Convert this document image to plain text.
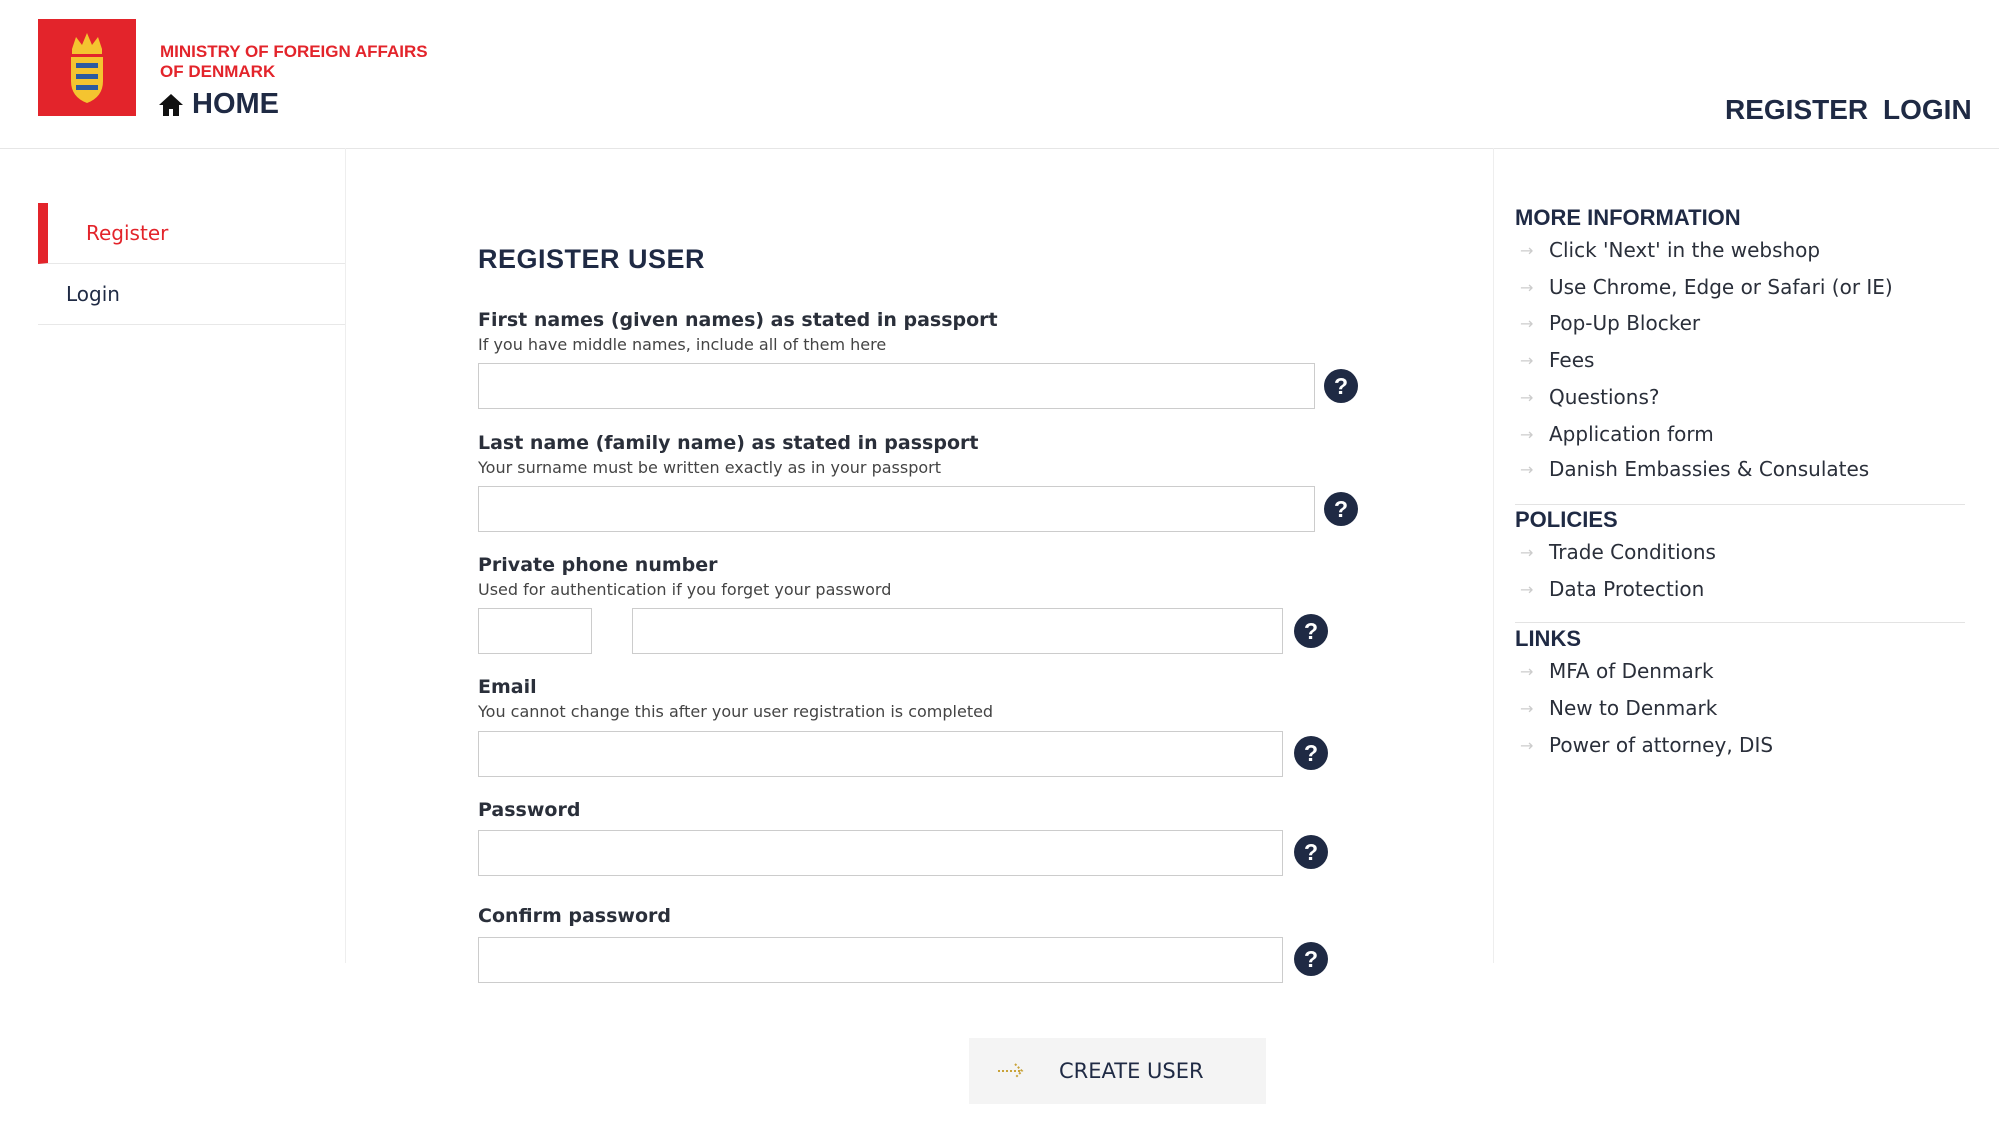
MINISTRY OF FOREIGN AFFAIRS
OF DENMARK
HOME	REGISTER LOGIN
Register
Login
REGISTER USER
First names (given names) as stated in passport
If you have middle names, include all of them here
?
Last name (family name) as stated in passport
Your surname must be written exactly as in your passport
?
Private phone number
Used for authentication if you forget your password
?
Email
You cannot change this after your user registration is completed
?
Password
?
Confirm password
?
CREATE USER
MORE INFORMATION
→ Click 'Next' in the webshop
→ Use Chrome, Edge or Safari (or IE)
→ Pop-Up Blocker
→ Fees
→ Questions?
→ Application form
→ Danish Embassies & Consulates
POLICIES
→ Trade Conditions
→ Data Protection
LINKS
→ MFA of Denmark
→ New to Denmark
→ Power of attorney, DIS
